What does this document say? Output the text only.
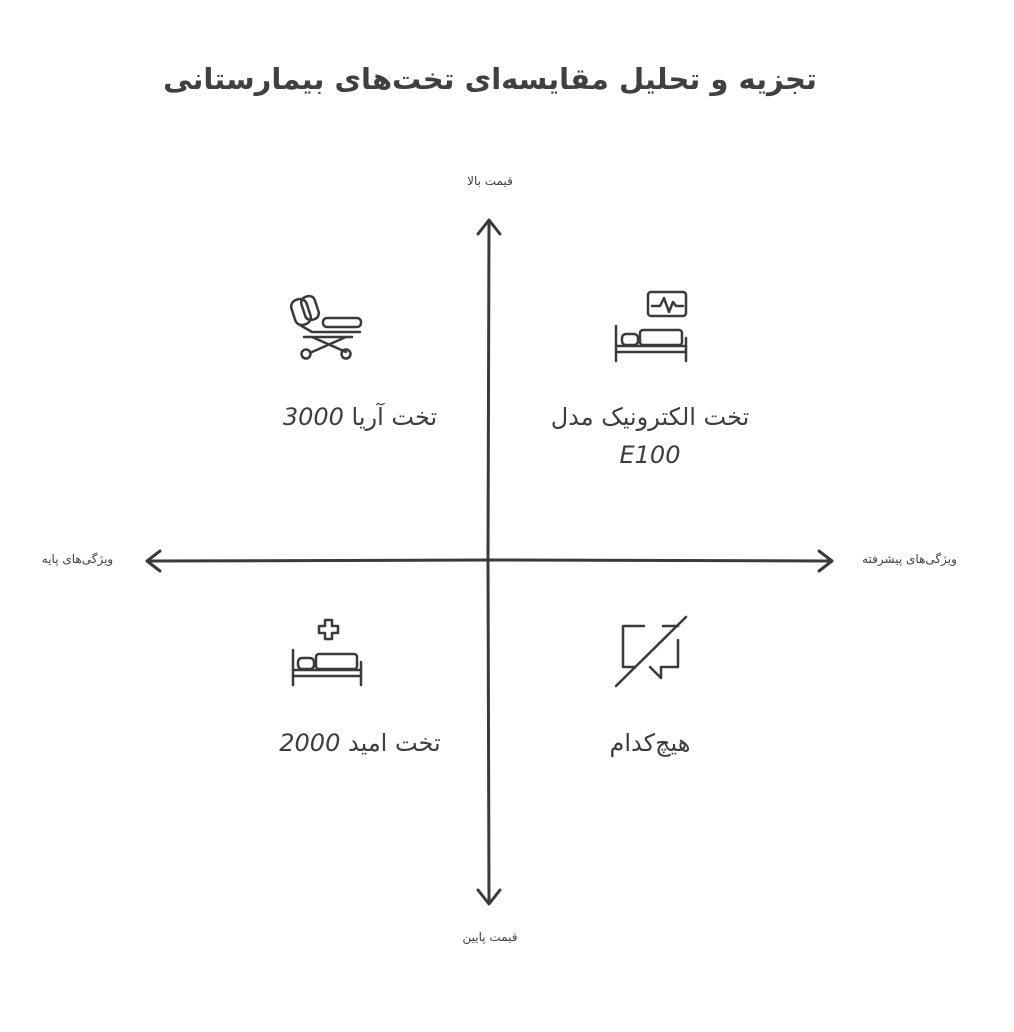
تجزیه و تحلیل مقایسه‌ای تخت‌های بیمارستانی
قیمت بالا
قیمت پایین
ویژگی‌های پایه	ویژگی‌های پیشرفته
تخت آریا 3000	تخت الکترونیک مدل
E100
تخت امید 2000	هیچ‌کدام
